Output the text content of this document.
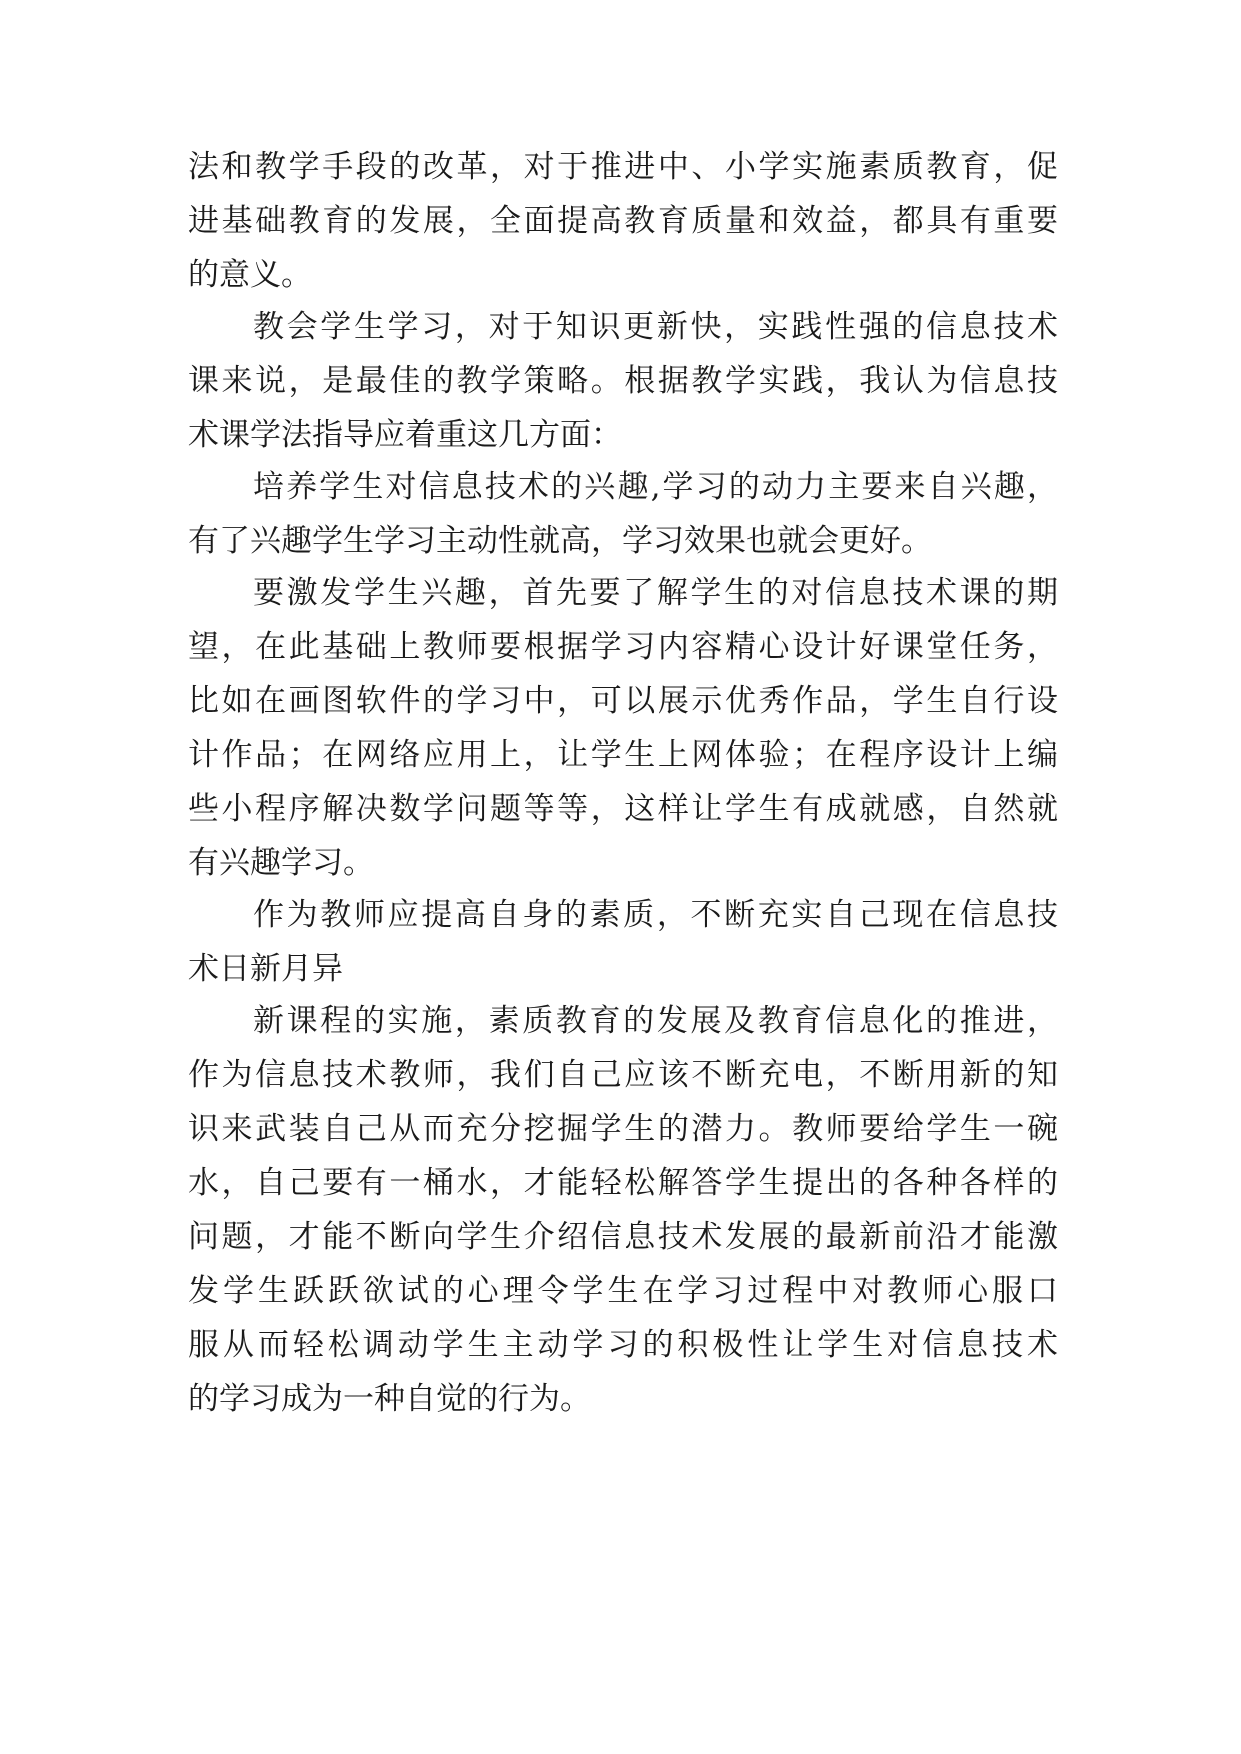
法和教学手段的改革，对于推进中、小学实施素质教育，促
进基础教育的发展，全面提高教育质量和效益，都具有重要
的意义。
教会学生学习，对于知识更新快，实践性强的信息技术
课来说，是最佳的教学策略。根据教学实践，我认为信息技
术课学法指导应着重这几方面：
培养学生对信息技术的兴趣,学习的动力主要来自兴趣，
有了兴趣学生学习主动性就高，学习效果也就会更好。
要激发学生兴趣，首先要了解学生的对信息技术课的期
望，在此基础上教师要根据学习内容精心设计好课堂任务，
比如在画图软件的学习中，可以展示优秀作品，学生自行设
计作品；在网络应用上，让学生上网体验；在程序设计上编
些小程序解决数学问题等等，这样让学生有成就感，自然就
有兴趣学习。
作为教师应提高自身的素质，不断充实自己现在信息技
术日新月异
新课程的实施，素质教育的发展及教育信息化的推进，
作为信息技术教师，我们自己应该不断充电，不断用新的知
识来武装自己从而充分挖掘学生的潜力。教师要给学生一碗
水，自己要有一桶水，才能轻松解答学生提出的各种各样的
问题，才能不断向学生介绍信息技术发展的最新前沿才能激
发学生跃跃欲试的心理令学生在学习过程中对教师心服口
服从而轻松调动学生主动学习的积极性让学生对信息技术
的学习成为一种自觉的行为。
